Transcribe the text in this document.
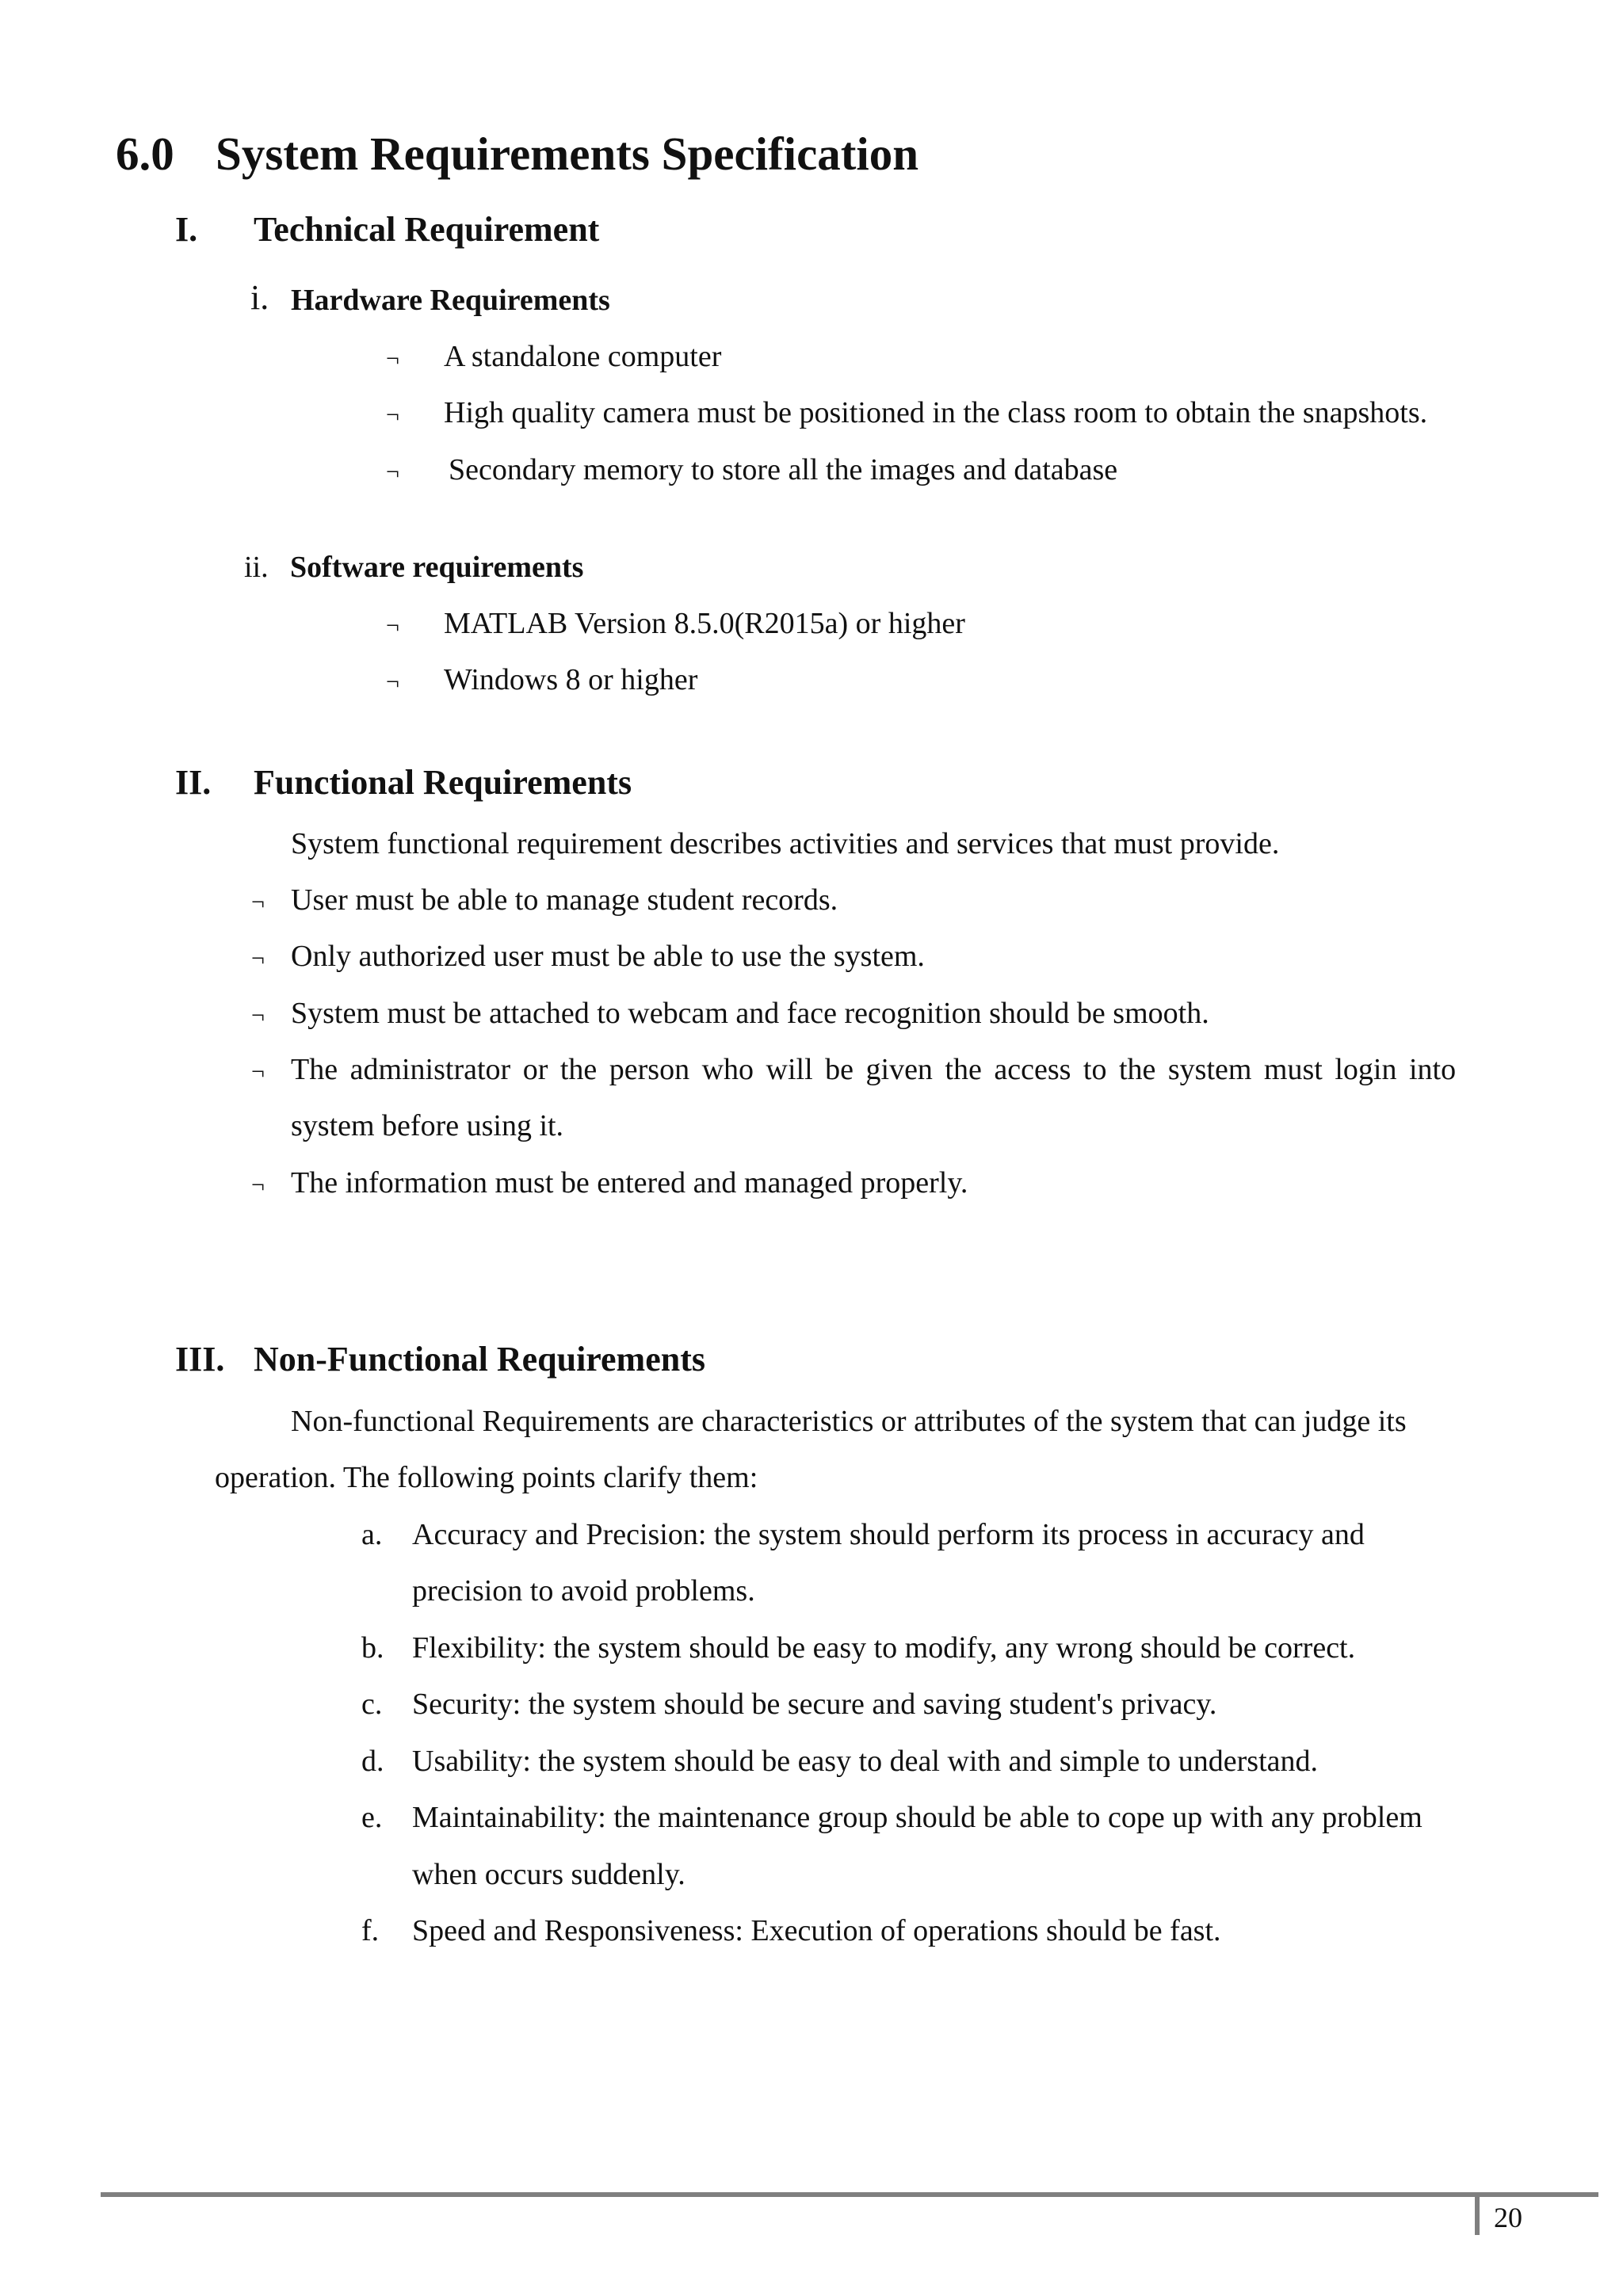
6.0 System Requirements Specification
I. Technical Requirement
i. Hardware Requirements
¬ A standalone computer
¬ High quality camera must be positioned in the class room to obtain the snapshots.
¬ Secondary memory to store all the images and database
ii. Software requirements
¬ MATLAB Version 8.5.0(R2015a) or higher
¬ Windows 8 or higher
II. Functional Requirements
System functional requirement describes activities and services that must provide.
¬ User must be able to manage student records.
¬ Only authorized user must be able to use the system.
¬ System must be attached to webcam and face recognition should be smooth.
¬ The administrator or the person who will be given the access to the system must login into
system before using it.
¬ The information must be entered and managed properly.
III. Non-Functional Requirements
Non-functional Requirements are characteristics or attributes of the system that can judge its
operation. The following points clarify them:
a. Accuracy and Precision: the system should perform its process in accuracy and
precision to avoid problems.
b. Flexibility: the system should be easy to modify, any wrong should be correct.
c. Security: the system should be secure and saving student's privacy.
d. Usability: the system should be easy to deal with and simple to understand.
e. Maintainability: the maintenance group should be able to cope up with any problem
when occurs suddenly.
f. Speed and Responsiveness: Execution of operations should be fast.
20
